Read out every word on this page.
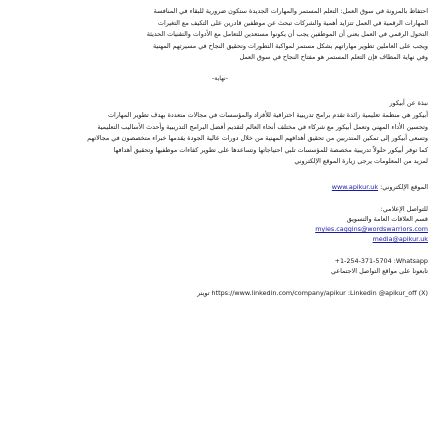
احتفاظ بالمرونة في سوق العمل: التعلم المستمر والمهارات الجديدة ستكون ضرورية للبقاء في المنافسة

المهارات الرقمية في العمل تتزايد أهمية والشركات تبحث عن موظفين قادرين على التكيف مع التغيرات

التحول الرقمي في العمل يعني أن الموظفين يجب أن يكونوا مستعدين للتعامل مع الأدوات والتقنيات الحديثة

ويجب على العاملين تطوير مهاراتهم بشكل مستمر لمواكبة التطورات وتحقيق النجاح في مسيرتهم المهنية

وفي نهاية المطاف فإن التعلم المستمر هو مفتاح النجاح في سوق العمل

-نهاية-
نبذة عن أبيكور

أبيكور هي منظمة تعليمية رائدة تقدم برامج تدريبية احترافية للأفراد والمؤسسات في مجالات متعددة بهدف تطوير المهارات

وتحسين الأداء المهني وتعمل أبيكور مع شركاء في مختلف أنحاء العالم لتقديم أفضل البرامج التدريبية وأحدث الأساليب التعليمية

وتسعى أبيكور إلى تمكين المتدربين من تحقيق أهدافهم المهنية من خلال دورات عالية الجودة يقدمها خبراء متخصصون في مجالاتهم

كما توفر أبيكور حلولاً تدريبية مخصصة للمؤسسات تلبي احتياجاتها وتساعدها على تطوير كفاءات موظفيها وتحقيق أهدافها

لمزيد من المعلومات يرجى زيارة الموقع الإلكتروني

الموقع الإلكتروني: www.apikur.uk
للتواصل الإعلامي:
قسم العلاقات العامة والتسويق
myles.caggins@wordswarriors.com
media@apikur.uk
+1-254-371-5704 :Whatsapp
تابعونا على مواقع التواصل الاجتماعي
https://www.linkedin.com/company/apikur :Linkedin @apikur_off (X) تويتر
